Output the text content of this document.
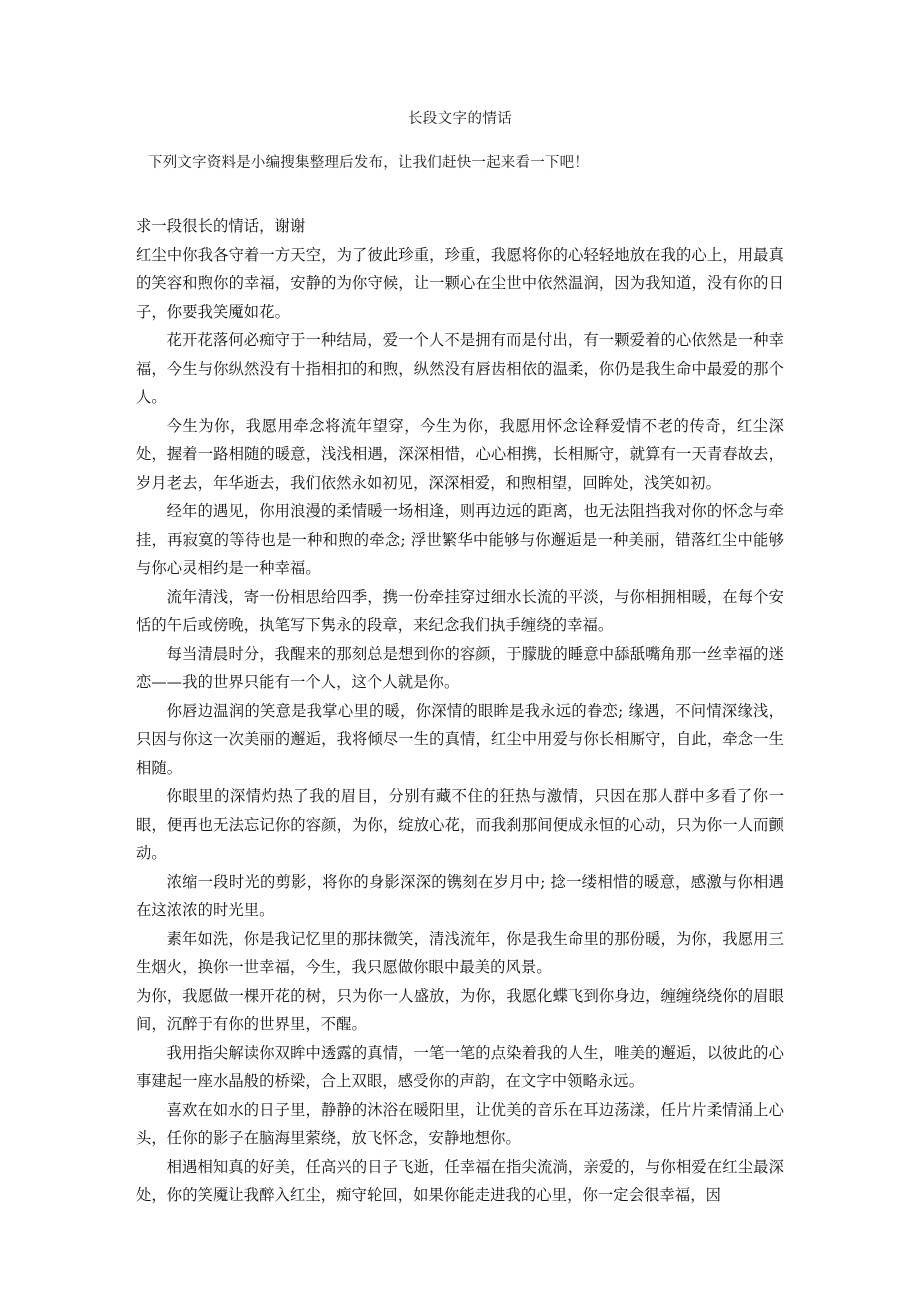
长段文字的情话

下列文字资料是小编搜集整理后发布，让我们赶快一起来看一下吧！

求一段很长的情话，谢谢

红尘中你我各守着一方天空，为了彼此珍重，珍重，我愿将你的心轻轻地放在我的心上，用最真的笑容和煦你的幸福，安静的为你守候，让一颗心在尘世中依然温润，因为我知道，没有你的日子，你要我笑魇如花。

花开花落何必痴守于一种结局，爱一个人不是拥有而是付出，有一颗爱着的心依然是一种幸福，今生与你纵然没有十指相扣的和煦，纵然没有唇齿相依的温柔，你仍是我生命中最爱的那个人。

今生为你，我愿用牵念将流年望穿，今生为你，我愿用怀念诠释爱情不老的传奇，红尘深处，握着一路相随的暖意，浅浅相遇，深深相惜，心心相携，长相厮守，就算有一天青春故去，岁月老去，年华逝去，我们依然永如初见，深深相爱，和煦相望，回眸处，浅笑如初。

经年的遇见，你用浪漫的柔情暖一场相逢，则再边远的距离，也无法阻挡我对你的怀念与牵挂，再寂寞的等待也是一种和煦的牵念; 浮世繁华中能够与你邂逅是一种美丽，错落红尘中能够与你心灵相约是一种幸福。

流年清浅，寄一份相思给四季，携一份牵挂穿过细水长流的平淡，与你相拥相暖，在每个安恬的午后或傍晚，执笔写下隽永的段章，来纪念我们执手缠绕的幸福。

每当清晨时分，我醒来的那刻总是想到你的容颜，于朦胧的睡意中舔舐嘴角那一丝幸福的迷恋——我的世界只能有一个人，这个人就是你。

你唇边温润的笑意是我掌心里的暖，你深情的眼眸是我永远的眷恋; 缘遇，不问情深缘浅，只因与你这一次美丽的邂逅，我将倾尽一生的真情，红尘中用爱与你长相厮守，自此，牵念一生相随。

你眼里的深情灼热了我的眉目，分别有藏不住的狂热与激情，只因在那人群中多看了你一眼，便再也无法忘记你的容颜，为你，绽放心花，而我刹那间便成永恒的心动，只为你一人而颤动。

浓缩一段时光的剪影，将你的身影深深的镌刻在岁月中; 捻一缕相惜的暖意，感激与你相遇在这浓浓的时光里。

素年如洗，你是我记忆里的那抹微笑，清浅流年，你是我生命里的那份暖，为你，我愿用三生烟火，换你一世幸福，今生，我只愿做你眼中最美的风景。

为你，我愿做一棵开花的树，只为你一人盛放，为你，我愿化蝶飞到你身边，缠缠绕绕你的眉眼间，沉醉于有你的世界里，不醒。

我用指尖解读你双眸中透露的真情，一笔一笔的点染着我的人生，唯美的邂逅，以彼此的心事建起一座水晶般的桥梁，合上双眼，感受你的声韵，在文字中领略永远。

喜欢在如水的日子里，静静的沐浴在暖阳里，让优美的音乐在耳边荡漾，任片片柔情涌上心头，任你的影子在脑海里萦绕，放飞怀念，安静地想你。

相遇相知真的好美，任高兴的日子飞逝，任幸福在指尖流淌，亲爱的，与你相爱在红尘最深处，你的笑魇让我醉入红尘，痴守轮回，如果你能走进我的心里，你一定会很幸福，因
